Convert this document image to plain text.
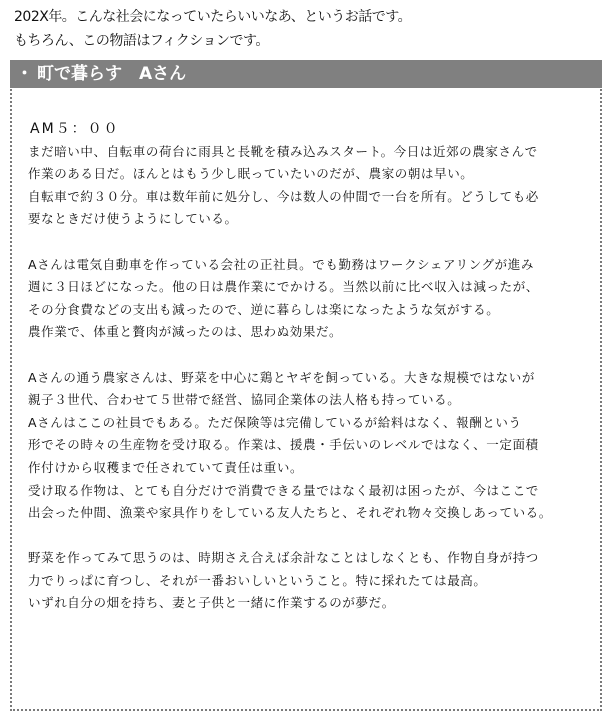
202X年。こんな社会になっていたらいいなあ、というお話です。

もちろん、この物語はフィクションです。

・ 町で暮らす　Aさん
AM５：００
まだ暗い中、自転車の荷台に雨具と長靴を積み込みスタート。今日は近郊の農家さんで
作業のある日だ。ほんとはもう少し眠っていたいのだが、農家の朝は早い。
自転車で約３０分。車は数年前に処分し、今は数人の仲間で一台を所有。どうしても必
要なときだけ使うようにしている。
Aさんは電気自動車を作っている会社の正社員。でも勤務はワークシェアリングが進み
週に３日ほどになった。他の日は農作業にでかける。当然以前に比べ収入は減ったが、
その分食費などの支出も減ったので、逆に暮らしは楽になったような気がする。
農作業で、体重と贅肉が減ったのは、思わぬ効果だ。
Aさんの通う農家さんは、野菜を中心に鶏とヤギを飼っている。大きな規模ではないが
親子３世代、合わせて５世帯で経営、協同企業体の法人格も持っている。
Aさんはここの社員でもある。ただ保険等は完備しているが給料はなく、報酬という
形でその時々の生産物を受け取る。作業は、援農・手伝いのレベルではなく、一定面積
作付けから収穫まで任されていて責任は重い。
受け取る作物は、とても自分だけで消費できる量ではなく最初は困ったが、今はここで
出会った仲間、漁業や家具作りをしている友人たちと、それぞれ物々交換しあっている。
野菜を作ってみて思うのは、時期さえ合えば余計なことはしなくとも、作物自身が持つ
力でりっぱに育つし、それが一番おいしいということ。特に採れたては最高。
いずれ自分の畑を持ち、妻と子供と一緒に作業するのが夢だ。
